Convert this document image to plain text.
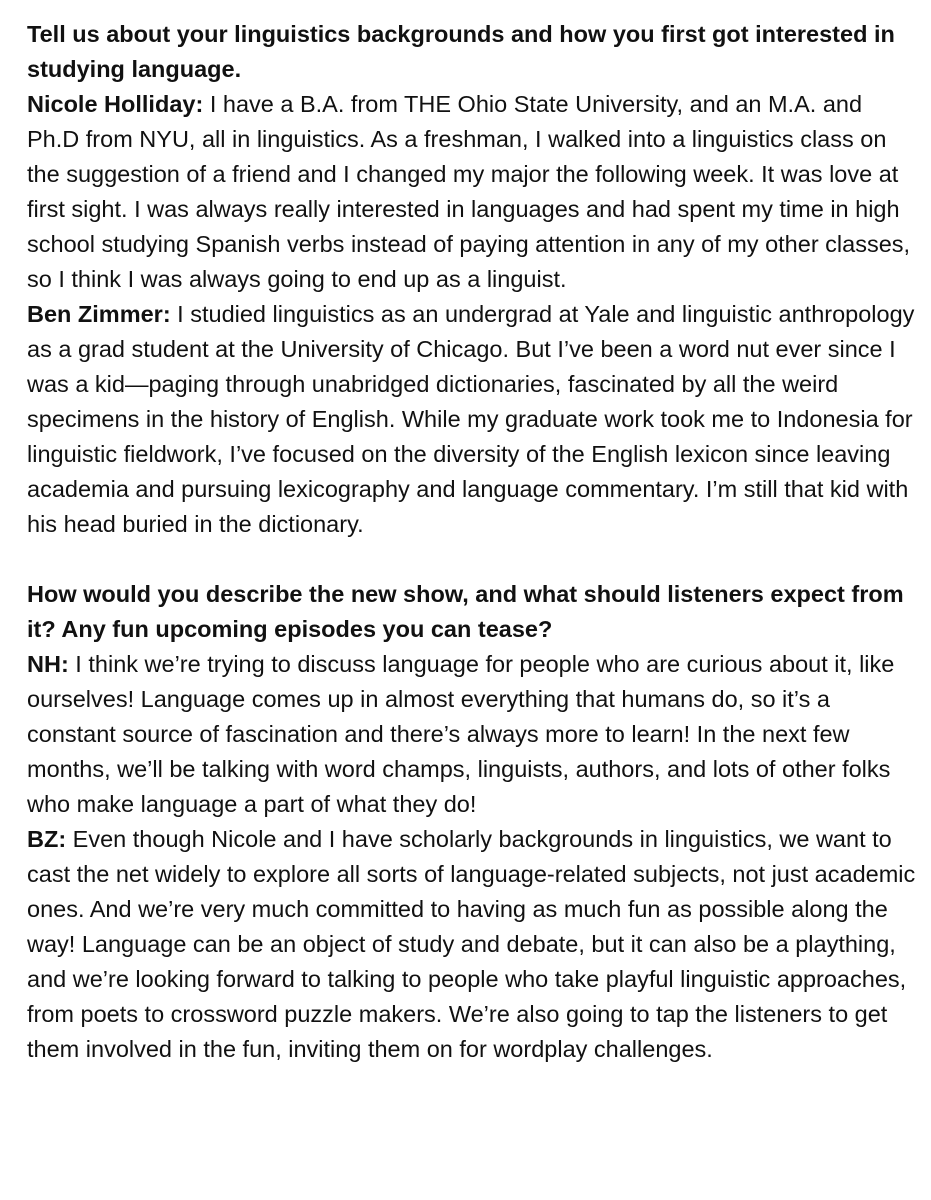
Tell us about your linguistics backgrounds and how you first got interested in studying language.

Nicole Holliday: I have a B.A. from THE Ohio State University, and an M.A. and Ph.D from NYU, all in linguistics. As a freshman, I walked into a linguistics class on the suggestion of a friend and I changed my major the following week. It was love at first sight. I was always really interested in languages and had spent my time in high school studying Spanish verbs instead of paying attention in any of my other classes, so I think I was always going to end up as a linguist.

Ben Zimmer: I studied linguistics as an undergrad at Yale and linguistic anthropology as a grad student at the University of Chicago. But I’ve been a word nut ever since I was a kid—paging through unabridged dictionaries, fascinated by all the weird specimens in the history of English. While my graduate work took me to Indonesia for linguistic fieldwork, I’ve focused on the diversity of the English lexicon since leaving academia and pursuing lexicography and language commentary. I’m still that kid with his head buried in the dictionary.

How would you describe the new show, and what should listeners expect from it? Any fun upcoming episodes you can tease?

NH: I think we’re trying to discuss language for people who are curious about it, like ourselves! Language comes up in almost everything that humans do, so it’s a constant source of fascination and there’s always more to learn! In the next few months, we’ll be talking with word champs, linguists, authors, and lots of other folks who make language a part of what they do!

BZ: Even though Nicole and I have scholarly backgrounds in linguistics, we want to cast the net widely to explore all sorts of language-related subjects, not just academic ones. And we’re very much committed to having as much fun as possible along the way! Language can be an object of study and debate, but it can also be a plaything, and we’re looking forward to talking to people who take playful linguistic approaches, from poets to crossword puzzle makers. We’re also going to tap the listeners to get them involved in the fun, inviting them on for wordplay challenges.
